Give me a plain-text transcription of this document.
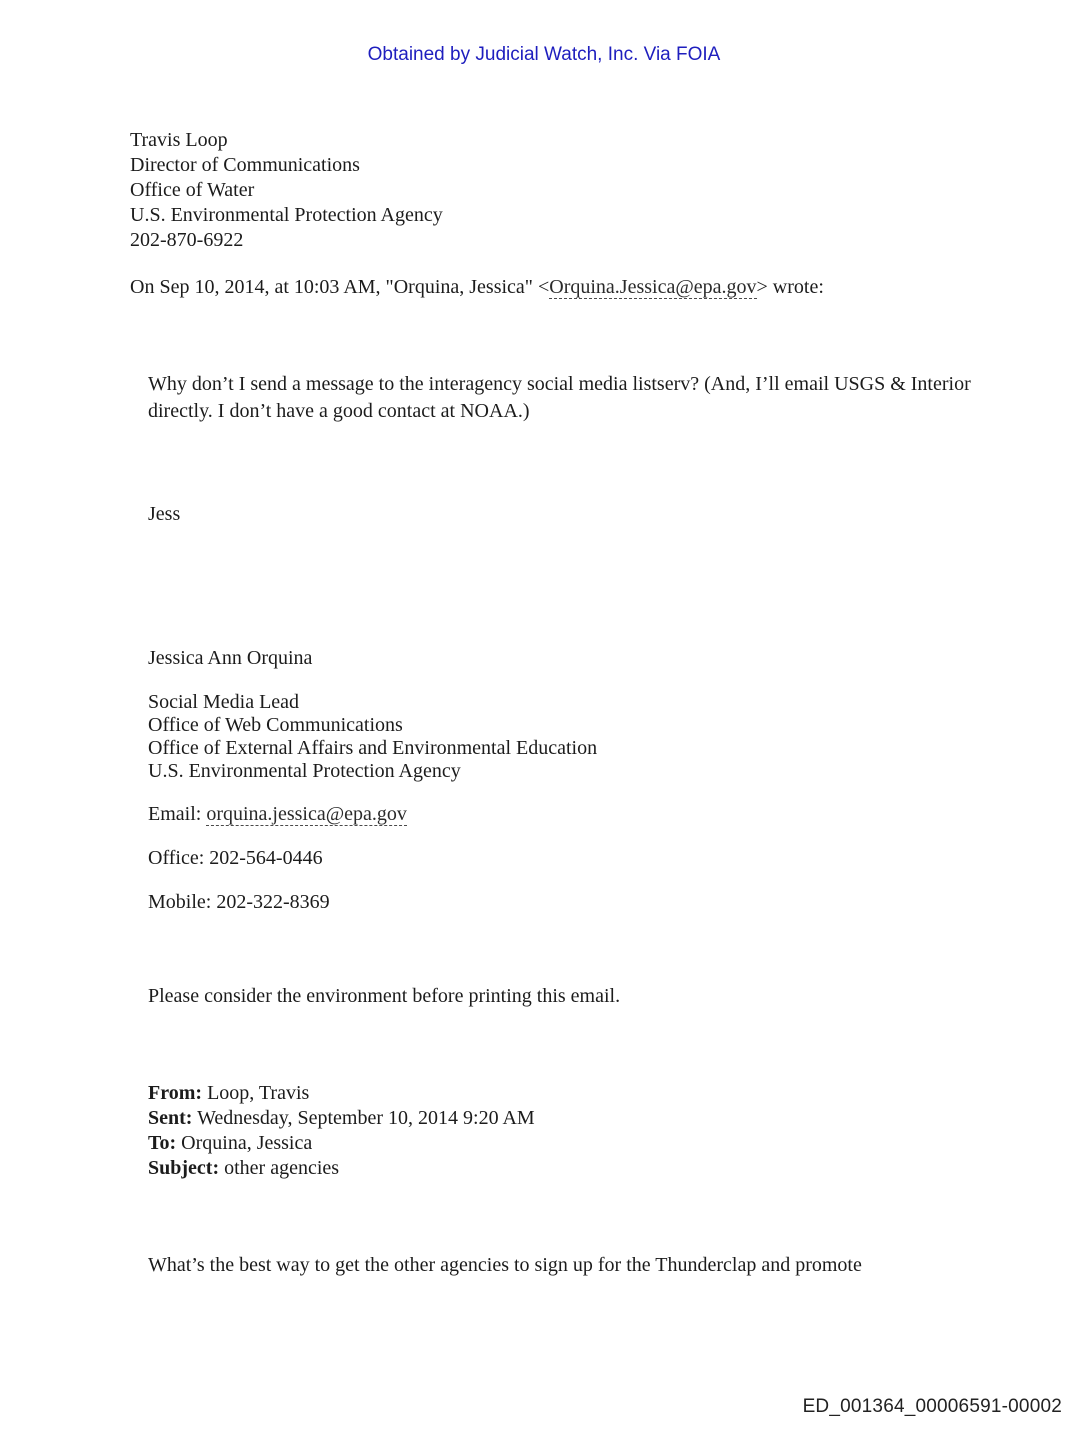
Obtained by Judicial Watch, Inc. Via FOIA
Travis Loop
Director of Communications
Office of Water
U.S. Environmental Protection Agency
202-870-6922
On Sep 10, 2014, at 10:03 AM, "Orquina, Jessica" <Orquina.Jessica@epa.gov> wrote:
Why don’t I send a message to the interagency social media listserv? (And, I’ll email USGS & Interior directly. I don’t have a good contact at NOAA.)
Jess
Jessica Ann Orquina
Social Media Lead
Office of Web Communications
Office of External Affairs and Environmental Education
U.S. Environmental Protection Agency
Email: orquina.jessica@epa.gov
Office: 202-564-0446
Mobile: 202-322-8369
Please consider the environment before printing this email.
From: Loop, Travis
Sent: Wednesday, September 10, 2014 9:20 AM
To: Orquina, Jessica
Subject: other agencies
What’s the best way to get the other agencies to sign up for the Thunderclap and promote
ED_001364_00006591-00002
